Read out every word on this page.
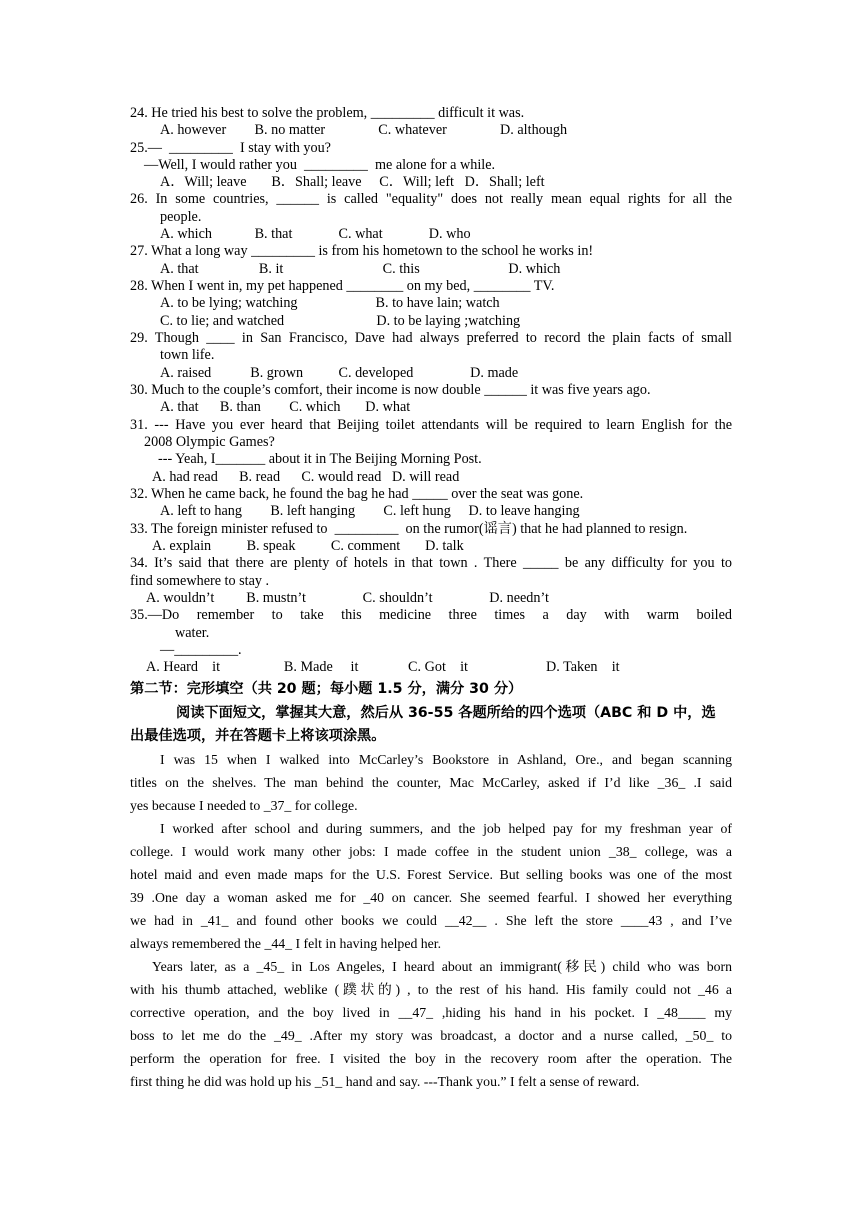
24. He tried his best to solve the problem, _________ difficult it was.
A. however        B. no matter               C. whatever               D. although
25.—  _________  I stay with you?
—Well, I would rather you  _________  me alone for a while.
A．Will; leave       B．Shall; leave     C．Will; left   D．Shall; left
26. In some countries, ______ is called "equality" does not really mean equal rights for all the
people.
A. which            B. that             C. what             D. who
27. What a long way _________ is from his hometown to the school he works in!
A. that                 B. it                            C. this                         D. which
28. When I went in, my pet happened ________ on my bed, ________ TV.
A. to be lying; watching                      B. to have lain; watch
C. to lie; and watched                          D. to be laying ;watching
29. Though ____ in San Francisco, Dave had always preferred to record the plain facts of small
town life.
A. raised           B. grown          C. developed                D. made
30. Much to the couple’s comfort, their income is now double ______ it was five years ago.
A. that      B. than        C. which       D. what
31. --- Have you ever heard that Beijing toilet attendants will be required to learn English for the
2008 Olympic Games?
--- Yeah, I_______ about it in The Beijing Morning Post.
A. had read      B. read      C. would read   D. will read
32. When he came back, he found the bag he had _____ over the seat was gone.
A. left to hang        B. left hanging        C. left hung     D. to leave hanging
33. The foreign minister refused to  _________  on the rumor(谣言) that he had planned to resign.
A. explain          B. speak          C. comment       D. talk
34. It’s said that there are plenty of hotels in that town . There _____ be any difficulty for you to
find somewhere to stay .
A. wouldn’t         B. mustn’t                C. shouldn’t                D. needn’t
35.—Do remember to take this medicine three times a day with warm boiled
water.
—_________.
A. Heard    it                  B. Made     it              C. Got    it                      D. Taken    it
第二节：完形填空（共 20 题；每小题 1.5 分，满分 30 分）
阅读下面短文，掌握其大意，然后从 36-55 各题所给的四个选项（ABC 和 D 中，选
出最佳选项，并在答题卡上将该项涂黑。
I was 15 when I walked into McCarley’s Bookstore in Ashland, Ore., and began scanning
titles on the shelves. The man behind the counter, Mac McCarley, asked if I’d like _36_ .I said
yes because I needed to _37_ for college.
I worked after school and during summers, and the job helped pay for my freshman year of
college. I would work many other jobs: I made coffee in the student union _38_ college, was a
hotel maid and even made maps for the U.S. Forest Service. But selling books was one of the most
39 .One day a woman asked me for _40 on cancer. She seemed fearful. I showed her everything
we had in _41_ and found other books we could __42__ . She left the store ____43 , and I’ve
always remembered the _44_ I felt in having helped her.
Years later, as a _45_ in Los Angeles, I heard about an immigrant(移民) child who was born
with his thumb attached, weblike (蹼状的) , to the rest of his hand. His family could not _46 a
corrective operation, and the boy lived in __47_ ,hiding his hand in his pocket. I _48____ my
boss to let me do the _49_ .After my story was broadcast, a doctor and a nurse called, _50_ to
perform the operation for free. I visited the boy in the recovery room after the operation. The
first thing he did was hold up his _51_ hand and say. ---Thank you.” I felt a sense of reward.
